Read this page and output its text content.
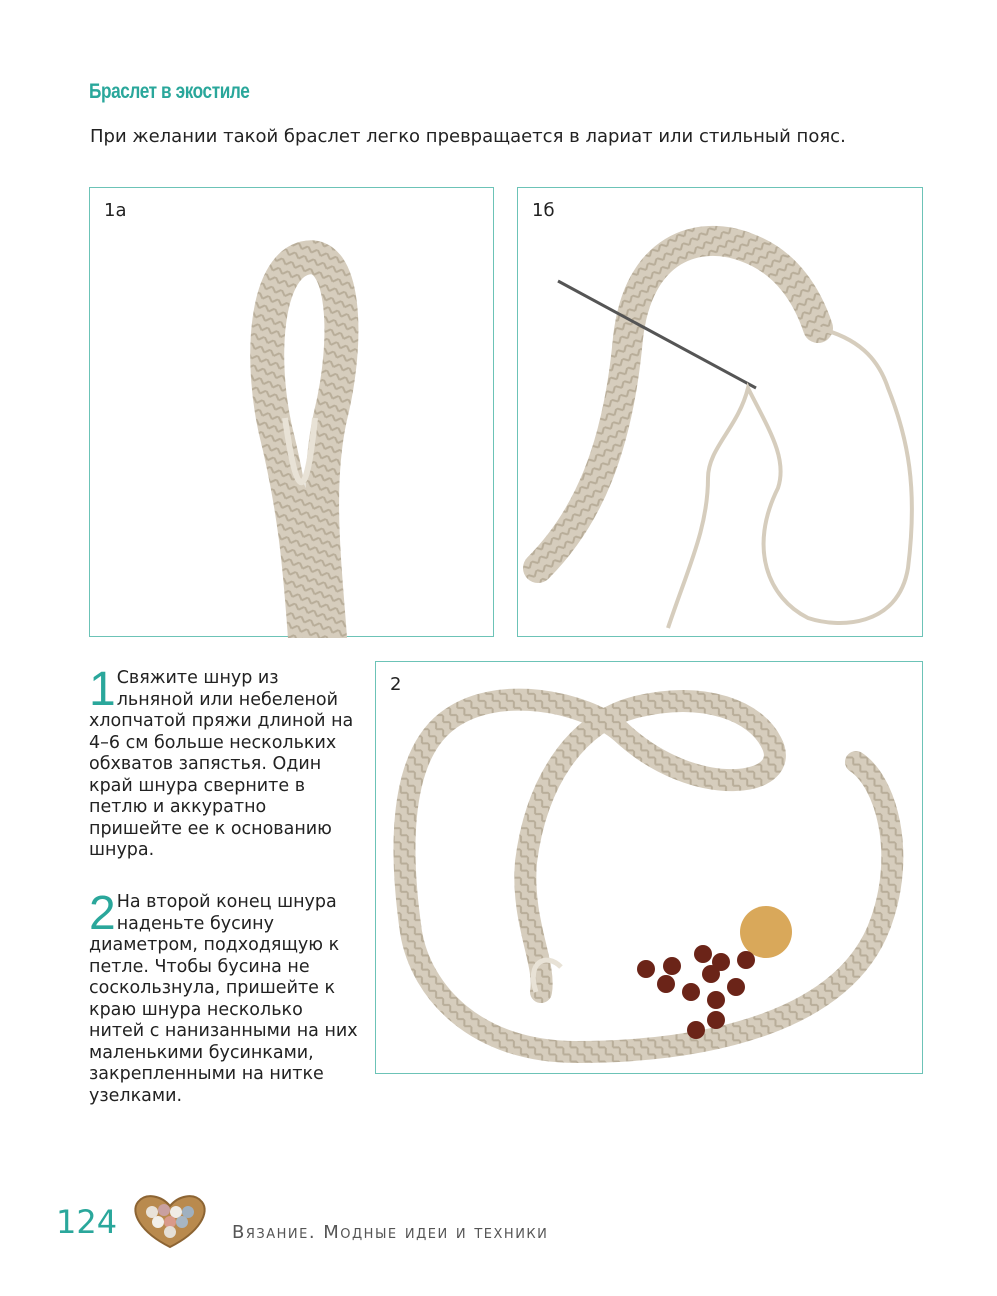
Браслет в экостиле
При желании такой браслет легко превращается в лариат или стильный пояс.
1а	1б
2
1 Свяжите шнур из льняной или небеленой хлопчатой пряжи длиной на 4–6 см больше нескольких обхватов запястья. Один край шнура сверните в петлю и аккуратно пришейте ее к основанию шнура.
2 На второй конец шнура наденьте бусину диаметром, подходящую к петле. Чтобы бусина не соскользнула, пришейте к краю шнура несколько нитей с нанизанными на них маленькими бусинками, закрепленными на нитке узелками.
124	Вязание. Модные идеи и техники
